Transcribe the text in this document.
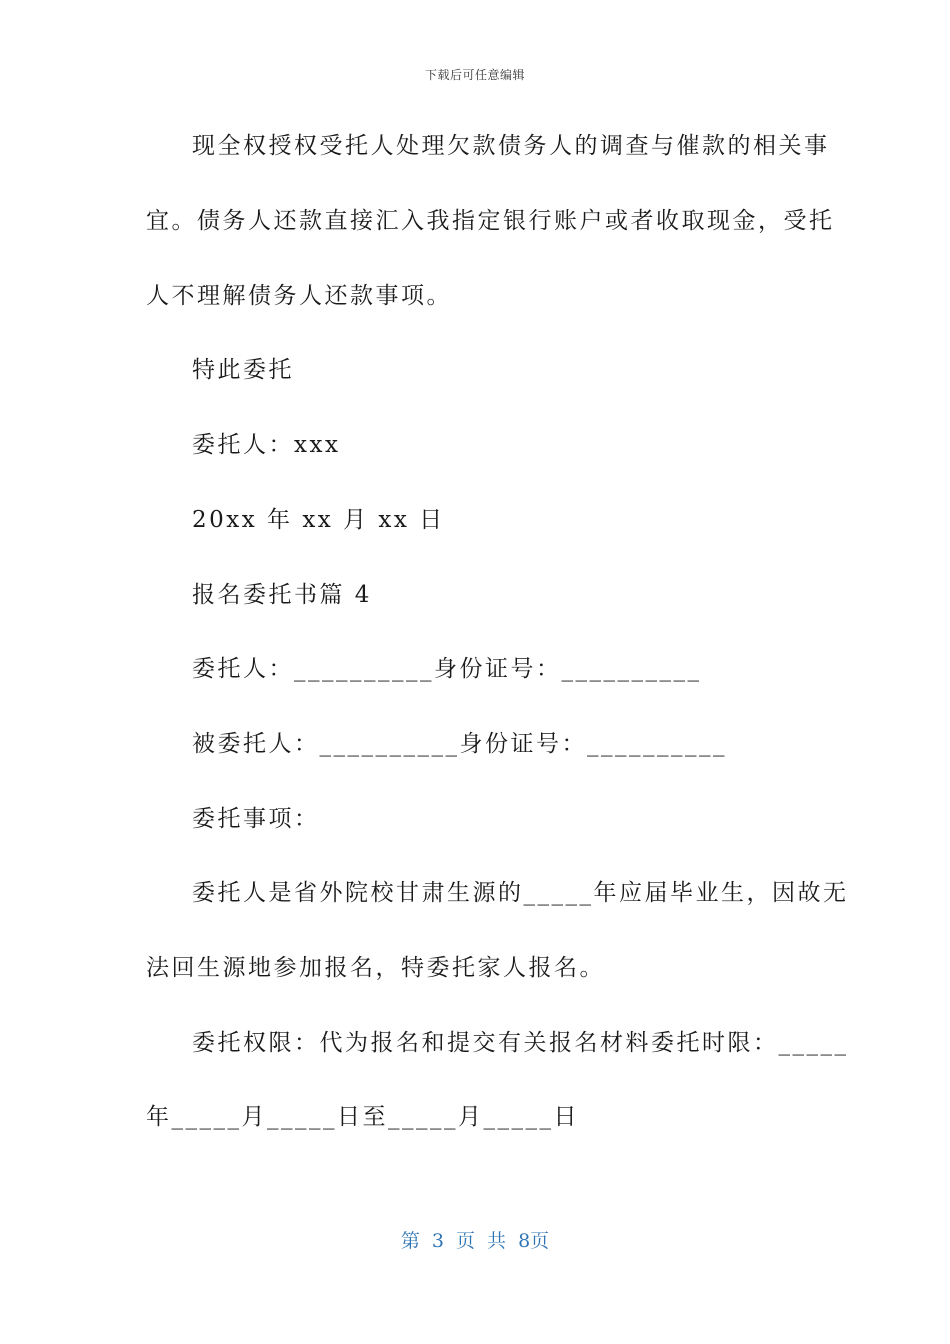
下载后可任意编辑
现全权授权受托人处理欠款债务人的调查与催款的相关事
宜。债务人还款直接汇入我指定银行账户或者收取现金，受托
人不理解债务人还款事项。
特此委托
委托人：xxx
20xx 年 xx 月 xx 日
报名委托书篇 4
委托人：__________身份证号：__________
被委托人：__________身份证号：__________
委托事项：
委托人是省外院校甘肃生源的_____年应届毕业生，因故无
法回生源地参加报名，特委托家人报名。
委托权限：代为报名和提交有关报名材料委托时限：_____
年_____月_____日至_____月_____日
第 3 页 共 8页
